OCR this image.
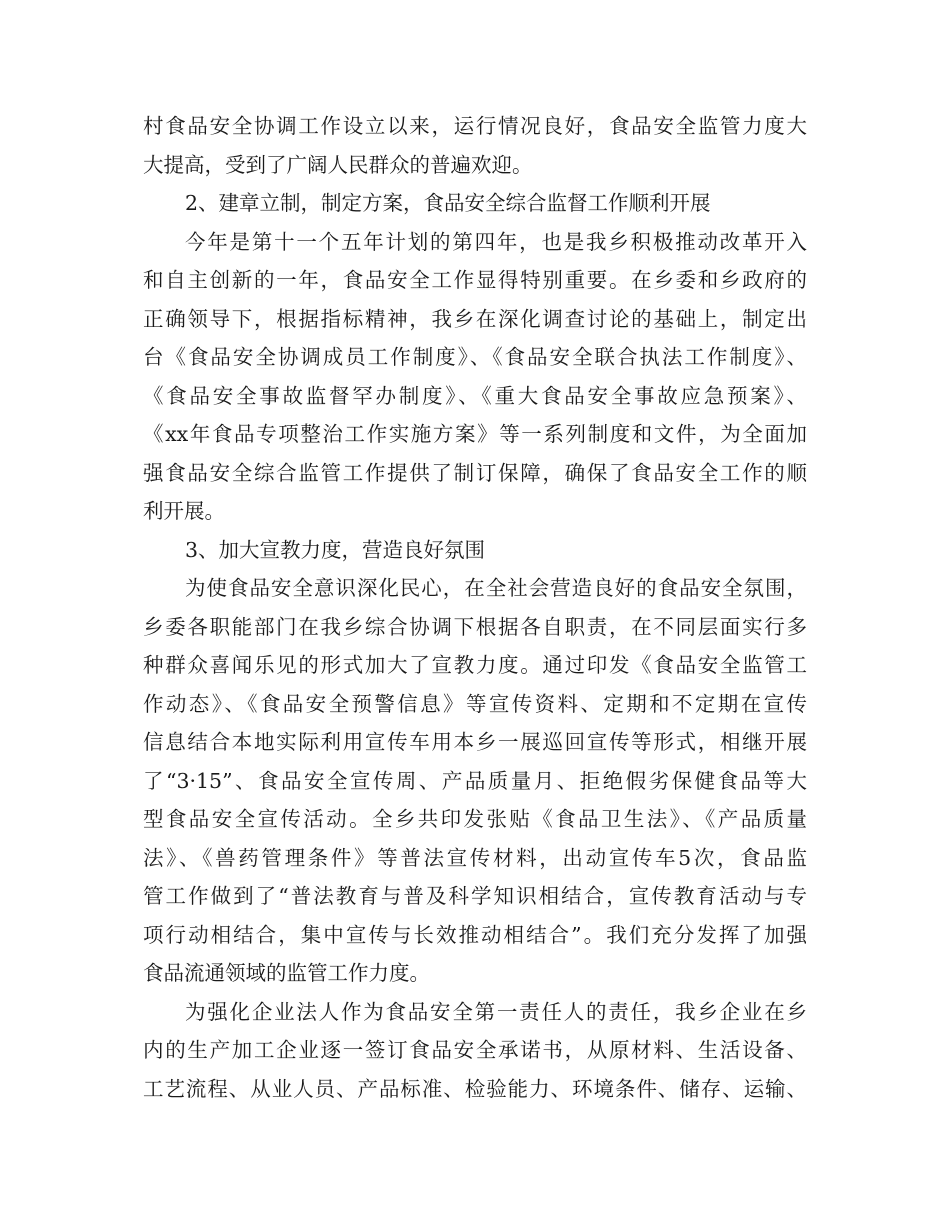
村食品安全协调工作设立以来，运行情况良好，食品安全监管力度大
大提高，受到了广阔人民群众的普遍欢迎。
2、建章立制，制定方案，食品安全综合监督工作顺利开展
今年是第十一个五年计划的第四年，也是我乡积极推动改革开入
和自主创新的一年，食品安全工作显得特别重要。在乡委和乡政府的
正确领导下，根据指标精神，我乡在深化调查讨论的基础上，制定出
台《食品安全协调成员工作制度》、《食品安全联合执法工作制度》、
《食品安全事故监督罕办制度》、《重大食品安全事故应急预案》、
《xx年食品专项整治工作实施方案》等一系列制度和文件，为全面加
强食品安全综合监管工作提供了制订保障，确保了食品安全工作的顺
利开展。
3、加大宣教力度，营造良好氛围
为使食品安全意识深化民心，在全社会营造良好的食品安全氛围，
乡委各职能部门在我乡综合协调下根据各自职责，在不同层面实行多
种群众喜闻乐见的形式加大了宣教力度。通过印发《食品安全监管工
作动态》、《食品安全预警信息》等宣传资料、定期和不定期在宣传
信息结合本地实际利用宣传车用本乡一展巡回宣传等形式，相继开展
了“3·15”、食品安全宣传周、产品质量月、拒绝假劣保健食品等大
型食品安全宣传活动。全乡共印发张贴《食品卫生法》、《产品质量
法》、《兽药管理条件》等普法宣传材料，出动宣传车5次，食品监
管工作做到了“普法教育与普及科学知识相结合，宣传教育活动与专
项行动相结合，集中宣传与长效推动相结合”。我们充分发挥了加强
食品流通领域的监管工作力度。
为强化企业法人作为食品安全第一责任人的责任，我乡企业在乡
内的生产加工企业逐一签订食品安全承诺书，从原材料、生活设备、
工艺流程、从业人员、产品标准、检验能力、环境条件、储存、运输、
